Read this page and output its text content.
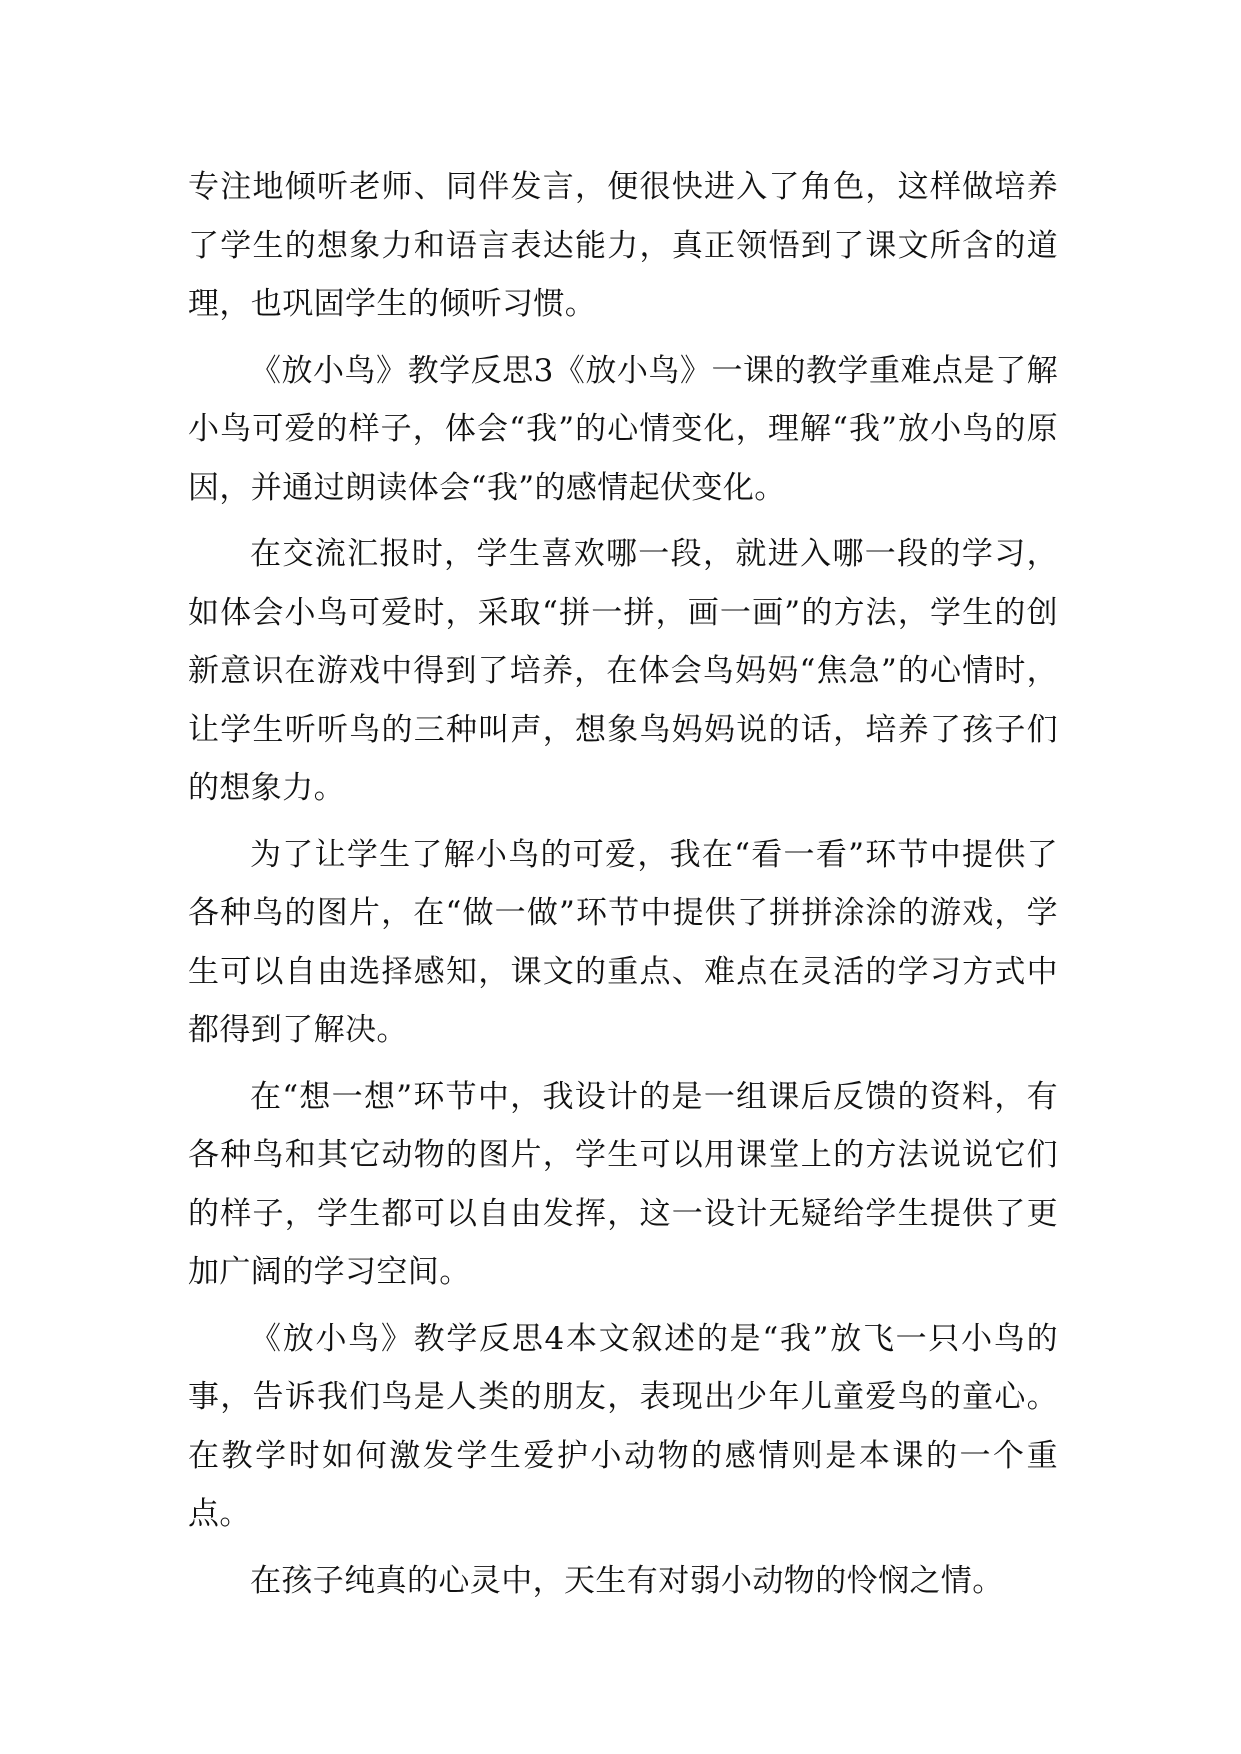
专注地倾听老师、同伴发言，便很快进入了角色，这样做培养了学生的想象力和语言表达能力，真正领悟到了课文所含的道理，也巩固学生的倾听习惯。

《放小鸟》教学反思3《放小鸟》一课的教学重难点是了解小鸟可爱的样子，体会“我”的心情变化，理解“我”放小鸟的原因，并通过朗读体会“我”的感情起伏变化。

在交流汇报时，学生喜欢哪一段，就进入哪一段的学习，如体会小鸟可爱时，采取“拼一拼，画一画”的方法，学生的创新意识在游戏中得到了培养，在体会鸟妈妈“焦急”的心情时，让学生听听鸟的三种叫声，想象鸟妈妈说的话，培养了孩子们的想象力。

为了让学生了解小鸟的可爱，我在“看一看”环节中提供了各种鸟的图片，在“做一做”环节中提供了拼拼涂涂的游戏，学生可以自由选择感知，课文的重点、难点在灵活的学习方式中都得到了解决。

在“想一想”环节中，我设计的是一组课后反馈的资料，有各种鸟和其它动物的图片，学生可以用课堂上的方法说说它们的样子，学生都可以自由发挥，这一设计无疑给学生提供了更加广阔的学习空间。

《放小鸟》教学反思4本文叙述的是“我”放飞一只小鸟的事，告诉我们鸟是人类的朋友，表现出少年儿童爱鸟的童心。在教学时如何激发学生爱护小动物的感情则是本课的一个重点。

在孩子纯真的心灵中，天生有对弱小动物的怜悯之情。
